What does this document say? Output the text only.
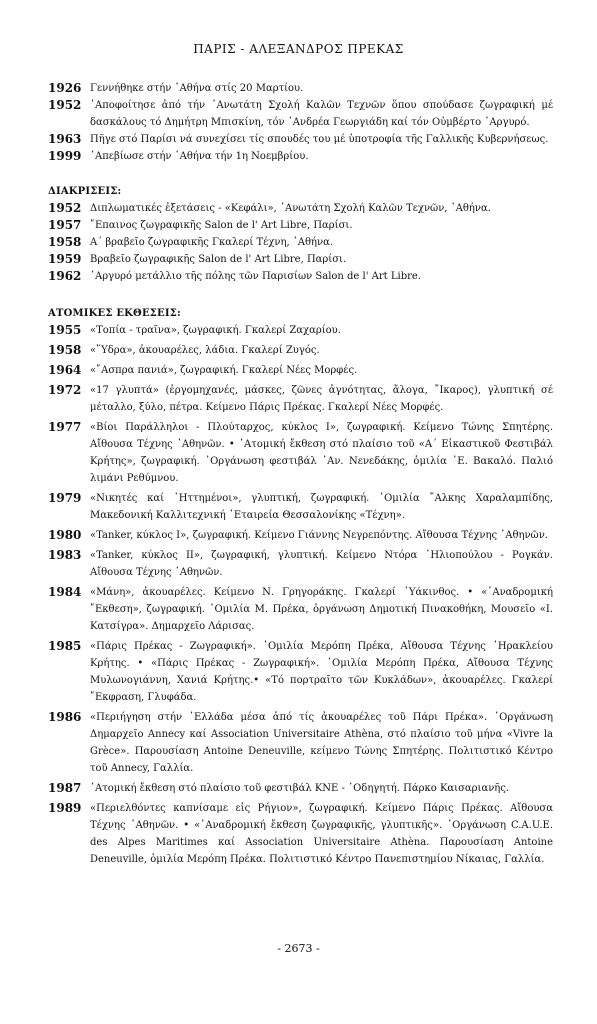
ΠΑΡΙΣ - ΑΛΕΞΑΝΔΡΟΣ ΠΡΕΚΑΣ
1926 Γεννήθηκε στήν ᾿Αθήνα στίς 20 Μαρτίου.
1952 ᾿Αποφοίτησε ἀπό τήν ᾿Ανωτάτη Σχολή Καλῶν Τεχνῶν ὅπου σπούδασε ζωγραφική μέ δασκάλους τό Δημήτρη Μπισκίνη, τόν ᾿Ανδρέα Γεωργιάδη καί τόν Οὐμβέρτο ᾿Αργυρό.
1963 Πῆγε στό Παρίσι νά συνεχίσει τίς σπουδές του μέ ὑποτροφία τῆς Γαλλικῆς Κυβερνήσεως.
1999 ᾿Απεβίωσε στήν ᾿Αθήνα τήν 1η Νοεμβρίου.
ΔΙΑΚΡΙΣΕΙΣ:
1952 Διπλωματικές ἐξετάσεις - «Κεφάλι», ᾿Ανωτάτη Σχολή Καλῶν Τεχνῶν, ᾿Αθήνα.
1957 ῎Επαινος ζωγραφικῆς Salon de l' Art Libre, Παρίσι.
1958 Α΄ βραβεῖο ζωγραφικῆς Γκαλερί Τέχνη, ᾿Αθήνα.
1959 Βραβεῖο ζωγραφικῆς Salon de l' Art Libre, Παρίσι.
1962 ᾿Αργυρό μετάλλιο τῆς πόλης τῶν Παρισίων Salon de l' Art Libre.
ΑΤΟΜΙΚΕΣ ΕΚΘΕΣΕΙΣ:
1955 «Τοπία - τραῖνα», ζωγραφική. Γκαλερί Ζαχαρίου.
1958 «῞Υδρα», ἀκουαρέλες, λάδια. Γκαλερί Ζυγός.
1964 «῎Ασπρα πανιά», ζωγραφική. Γκαλερί Νέες Μορφές.
1972 «17 γλυπτά» (ἐργομηχανές, μάσκες, ζῶνες ἀγνότητας, ἄλογα, ῎Ικαρος), γλυπτική σέ μέταλλο, ξύλο, πέτρα. Κείμενο Πάρις Πρέκας. Γκαλερί Νέες Μορφές.
1977 «Βίοι Παράλληλοι - Πλούταρχος, κύκλος Ι», ζωγραφική. Κείμενο Τώνης Σπητέρης. Αἴθουσα Τέχνης ᾿Αθηνῶν. • ᾿Ατομική ἔκθεση στό πλαίσιο τοῦ «Α΄ Εἰκαστικοῦ Φεστιβάλ Κρήτης», ζωγραφική. ᾿Οργάνωση φεστιβάλ ᾿Αν. Νενεδάκης, ὁμιλία ᾿Ε. Βακαλό. Παλιό λιμάνι Ρεθύμνου.
1979 «Νικητές καί ῾Ηττημένοι», γλυπτική, ζωγραφική. ῾Ομιλία ῎Αλκης Χαραλαμπίδης, Μακεδονική Καλλιτεχνική ῾Εταιρεία Θεσσαλονίκης «Τέχνη».
1980 «Tanker, κύκλος Ι», ζωγραφική. Κείμενο Γιάννης Νεγρεπόντης. Αἴθουσα Τέχνης ᾿Αθηνῶν.
1983 «Tanker, κύκλος ΙΙ», ζωγραφική, γλυπτική. Κείμενο Ντόρα ῾Ηλιοπούλου - Ρογκάν. Αἴθουσα Τέχνης ᾿Αθηνῶν.
1984 «Μάνη», ἀκουαρέλες. Κείμενο Ν. Γρηγοράκης. Γκαλερί ῾Υάκινθος. • «᾿Αναδρομική ῎Εκθεση», ζωγραφική. ῾Ομιλία Μ. Πρέκα, ὀργάνωση Δημοτική Πινακοθήκη, Μουσεῖο «Ι. Κατσίγρα». Δημαρχεῖο Λάρισας.
1985 «Πάρις Πρέκας - Ζωγραφική». ῾Ομιλία Μερόπη Πρέκα, Αἴθουσα Τέχνης ῾Ηρακλείου Κρήτης. • «Πάρις Πρέκας - Ζωγραφική». ῾Ομιλία Μερόπη Πρέκα, Αἴθουσα Τέχνης Μυλωνογιάννη, Χανιά Κρήτης.• «Τό πορτραῖτο τῶν Κυκλάδων», ἀκουαρέλες. Γκαλερί ῎Εκφραση, Γλυφάδα.
1986 «Περιήγηση στήν ῾Ελλάδα μέσα ἀπό τίς ἀκουαρέλες τοῦ Πάρι Πρέκα». ᾿Οργάνωση Δημαρχεῖο Annecy καί Association Universitaire Athèna, στό πλαίσιο τοῦ μήνα «Vivre la Grèce». Παρουσίαση Antoine Deneuville, κείμενο Τώνης Σπητέρης. Πολιτιστικό Κέντρο τοῦ Annecy, Γαλλία.
1987 ᾿Ατομική ἔκθεση στό πλαίσιο τοῦ φεστιβάλ ΚΝΕ - ᾿Οδηγητή. Πάρκο Καισαριανῆς.
1989 «Περιελθόντες καπνίσαμε εἰς Ρήγιον», ζωγραφική. Κείμενο Πάρις Πρέκας. Αἴθουσα Τέχνης ᾿Αθηνῶν. • «᾿Αναδρομική ἔκθεση ζωγραφικῆς, γλυπτικῆς». ᾿Οργάνωση C.A.U.E. des Alpes Maritimes καί Association Universitaire Athèna. Παρουσίαση Antoine Deneuville, ὁμιλία Μερόπη Πρέκα. Πολιτιστικό Κέντρο Πανεπιστημίου Νίκαιας, Γαλλία.
- 2673 -
